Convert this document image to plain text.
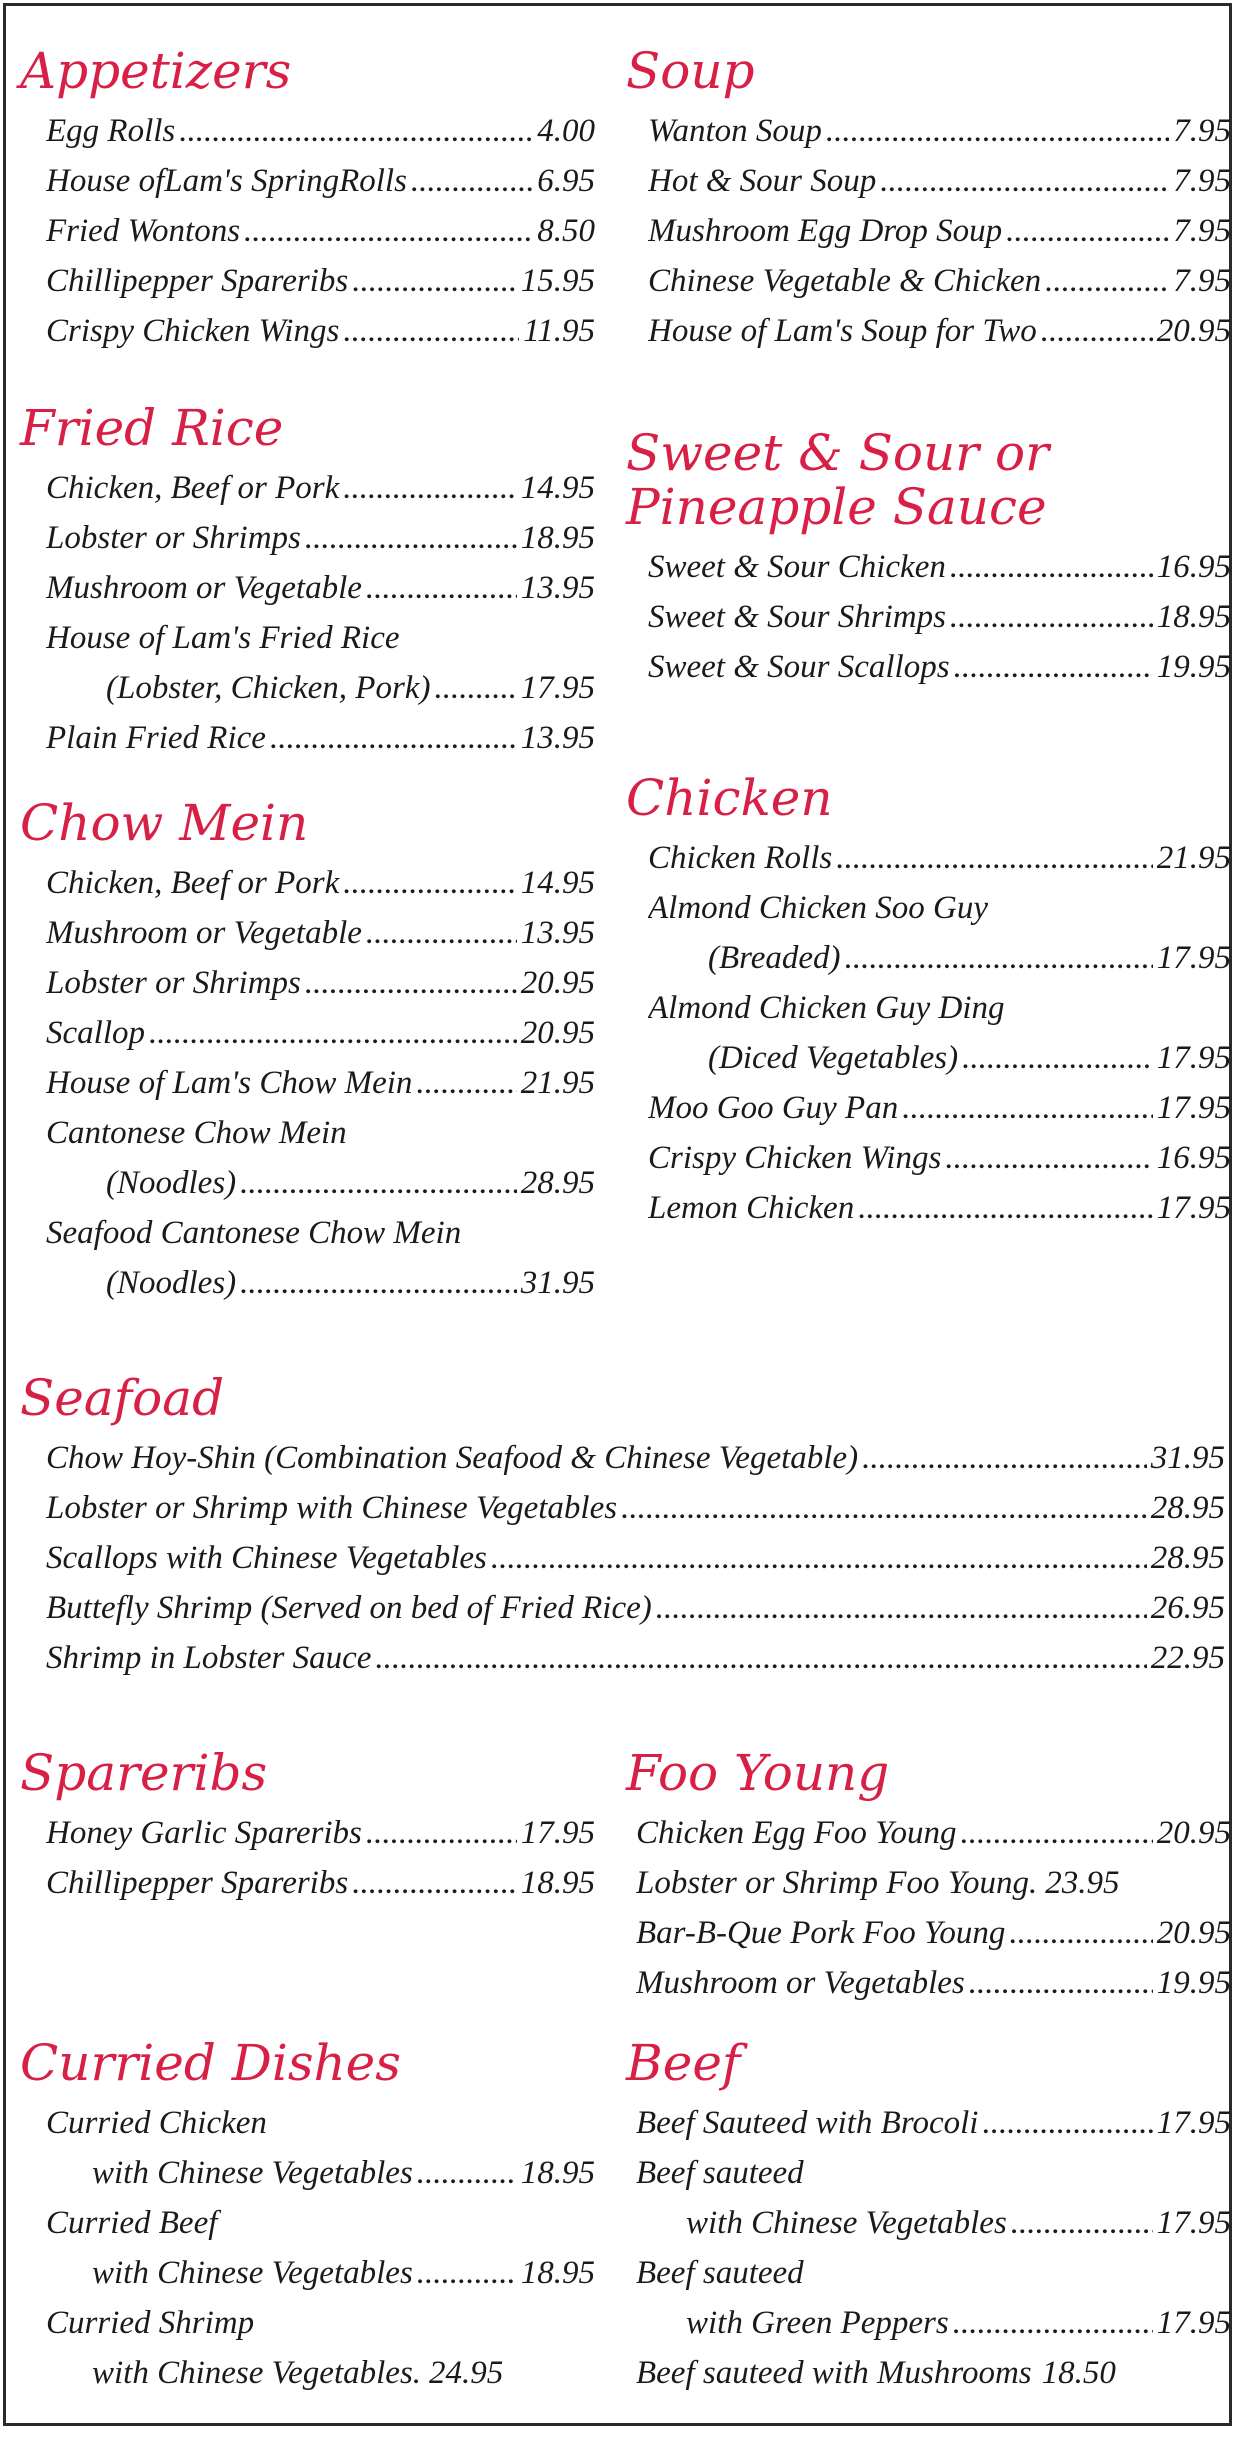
Appetizers
Egg Rolls .....	4.00
House ofLam's SpringRolls .....	6.95
Fried Wontons .....	8.50
Chillipepper Spareribs .....	15.95
Crispy Chicken Wings .....	11.95
Soup
Wanton Soup .....	7.95
Hot & Sour Soup .....	7.95
Mushroom Egg Drop Soup .....	7.95
Chinese Vegetable & Chicken .....	7.95
House of Lam's Soup for Two .....	20.95
Fried Rice
Chicken, Beef or Pork .....	14.95
Lobster or Shrimps .....	18.95
Mushroom or Vegetable .....	13.95
House of Lam's Fried Rice
(Lobster, Chicken, Pork) .....	17.95
Plain Fried Rice .....	13.95
Sweet & Sour or
Pineapple Sauce
Sweet & Sour Chicken .....	16.95
Sweet & Sour Shrimps .....	18.95
Sweet & Sour Scallops .....	19.95
Chow Mein
Chicken, Beef or Pork .....	14.95
Mushroom or Vegetable .....	13.95
Lobster or Shrimps .....	20.95
Scallop .....	20.95
House of Lam's Chow Mein .....	21.95
Cantonese Chow Mein
(Noodles) .....	28.95
Seafood Cantonese Chow Mein
(Noodles) .....	31.95
Chicken
Chicken Rolls .....	21.95
Almond Chicken Soo Guy
(Breaded) .....	17.95
Almond Chicken Guy Ding
(Diced Vegetables) .....	17.95
Moo Goo Guy Pan .....	17.95
Crispy Chicken Wings .....	16.95
Lemon Chicken .....	17.95
Seafoad
Chow Hoy-Shin (Combination Seafood & Chinese Vegetable) .....	31.95
Lobster or Shrimp with Chinese Vegetables .....	28.95
Scallops with Chinese Vegetables .....	28.95
Buttefly Shrimp (Served on bed of Fried Rice) .....	26.95
Shrimp in Lobster Sauce .....	22.95
Spareribs
Honey Garlic Spareribs .....	17.95
Chillipepper Spareribs .....	18.95
Foo Young
Chicken Egg Foo Young .....	20.95
Lobster or Shrimp Foo Young. 23.95
Bar-B-Que Pork Foo Young .....	20.95
Mushroom or Vegetables .....	19.95
Curried Dishes
Curried Chicken
with Chinese Vegetables .....	18.95
Curried Beef
with Chinese Vegetables .....	18.95
Curried Shrimp
with Chinese Vegetables. 24.95
Beef
Beef Sauteed with Brocoli .....	17.95
Beef sauteed
with Chinese Vegetables .....	17.95
Beef sauteed
with Green Peppers .....	17.95
Beef sauteed with Mushrooms 18.50
